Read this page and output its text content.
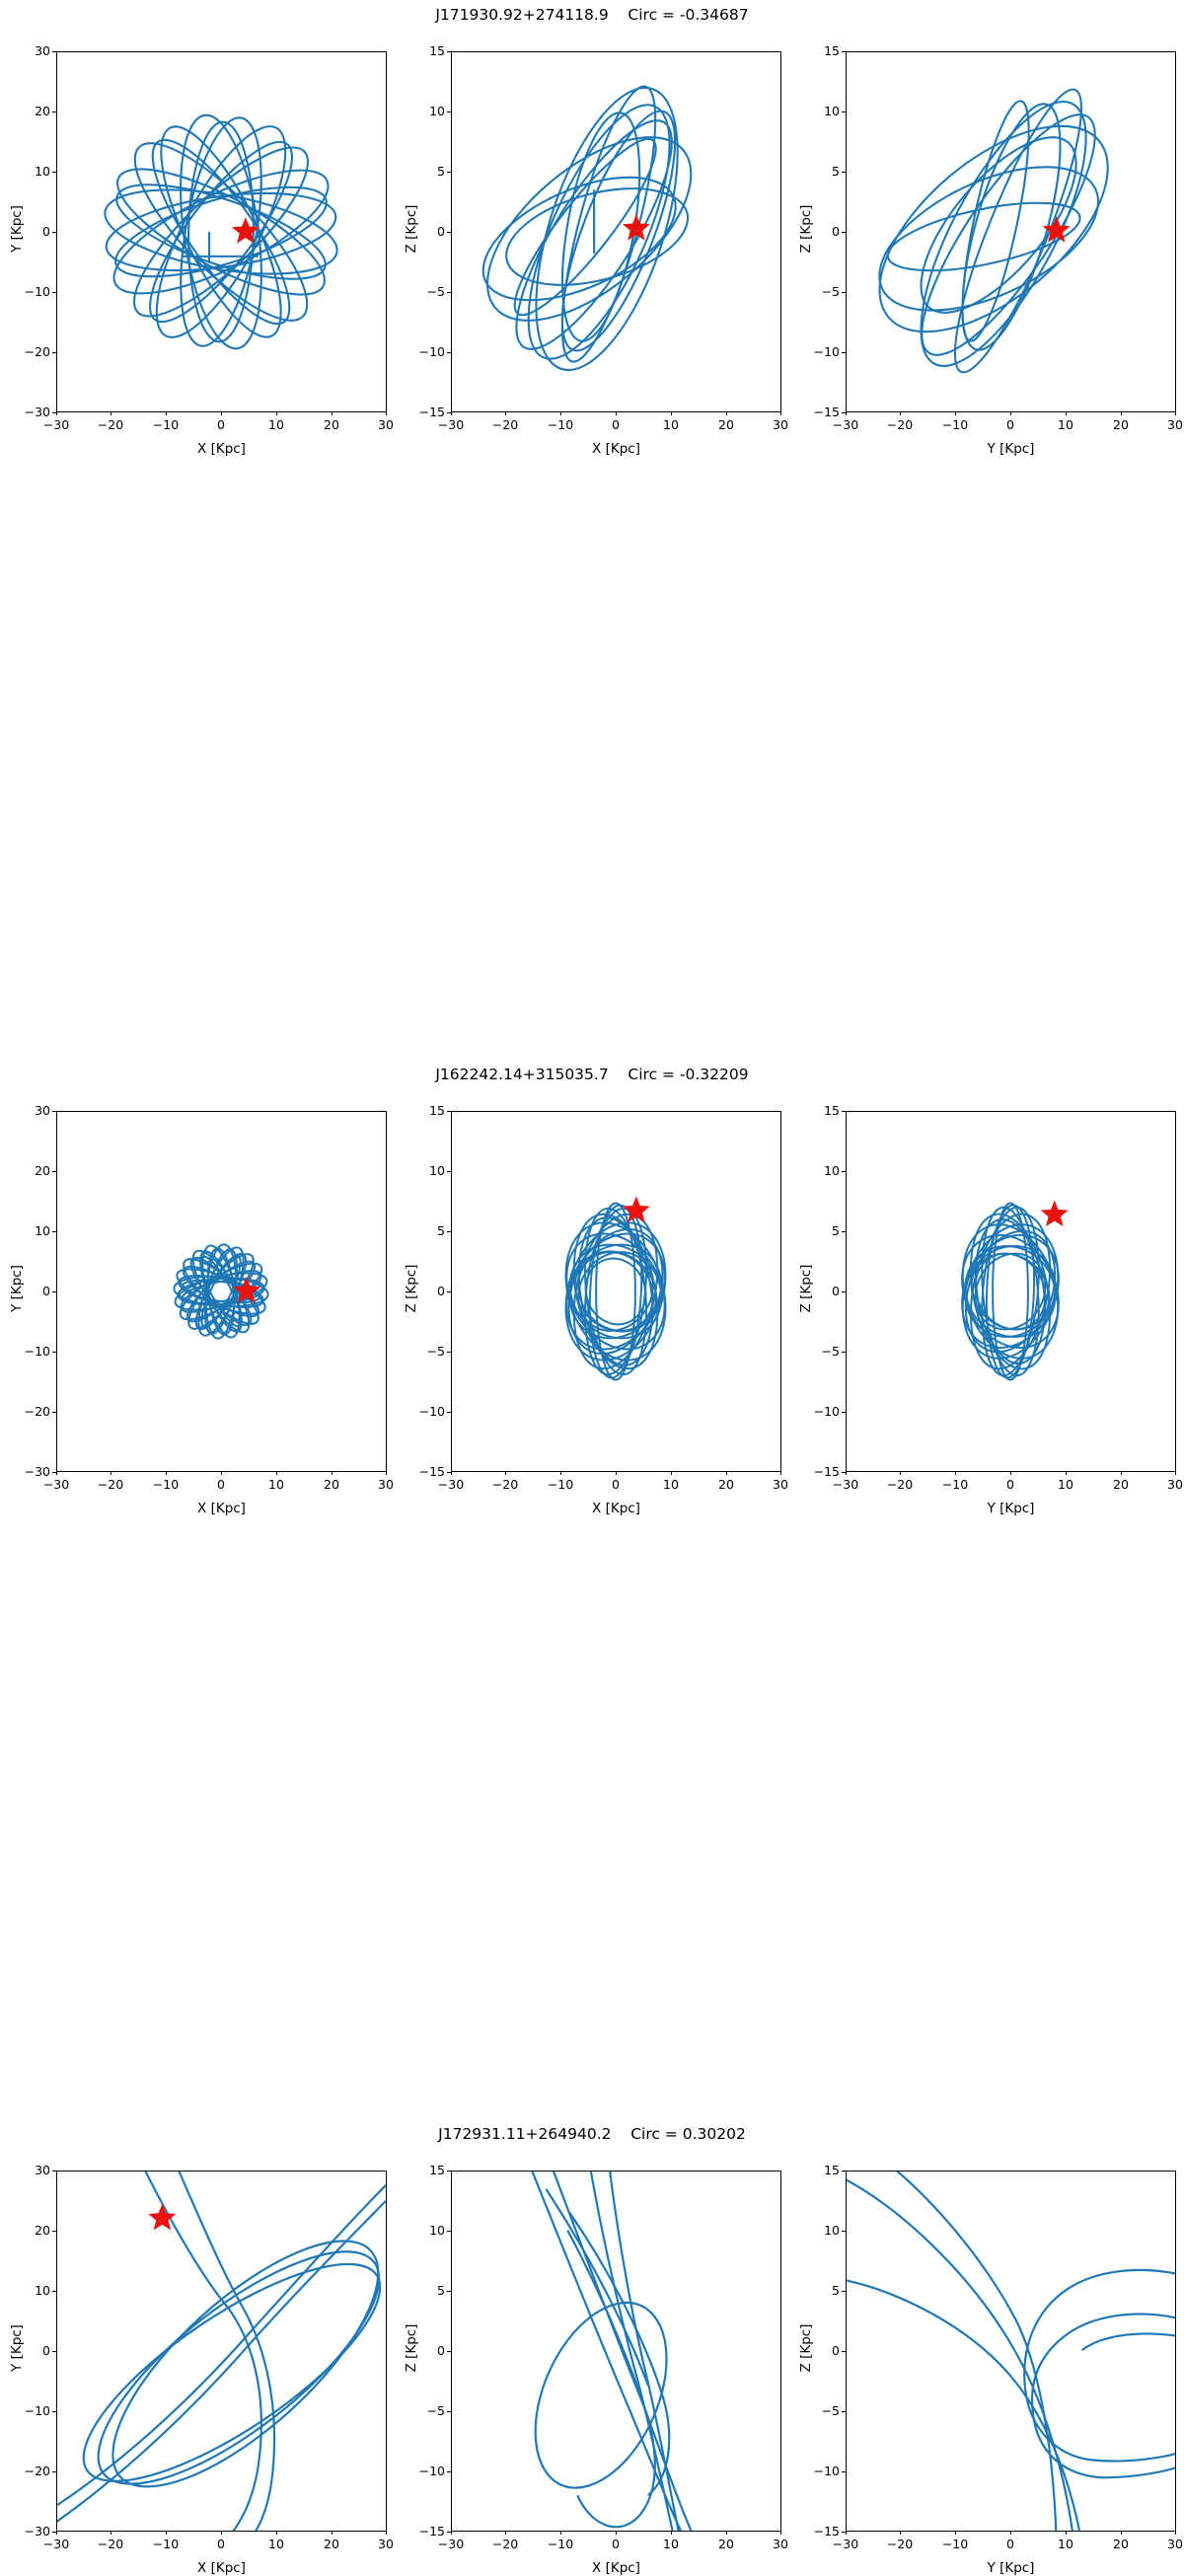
J171930.92+274118.9    Circ = -0.34687
30
20
10
0
−10
−20
−30
−30	−20	−10	0	10	20	30
X [Kpc]
Y [Kpc]
15
10
5
0
−5
−10
−15
−30	−20	−10	0	10	20	30
X [Kpc]
Z [Kpc]
15
10
5
0
−5
−10
−15
−30	−20	−10	0	10	20	30
Y [Kpc]
Z [Kpc]
J162242.14+315035.7    Circ = -0.32209
30
20
10
0
−10
−20
−30
−30	−20	−10	0	10	20	30
X [Kpc]
Y [Kpc]
15
10
5
0
−5
−10
−15
−30	−20	−10	0	10	20	30
X [Kpc]
Z [Kpc]
15
10
5
0
−5
−10
−15
−30	−20	−10	0	10	20	30
Y [Kpc]
Z [Kpc]
J172931.11+264940.2    Circ = 0.30202
30
20
10
0
−10
−20
−30
−30	−20	−10	0	10	20	30
X [Kpc]
Y [Kpc]
15
10
5
0
−5
−10
−15
−30	−20	−10	0	10	20	30
X [Kpc]
Z [Kpc]
15
10
5
0
−5
−10
−15
−30	−20	−10	0	10	20	30
Y [Kpc]
Z [Kpc]
